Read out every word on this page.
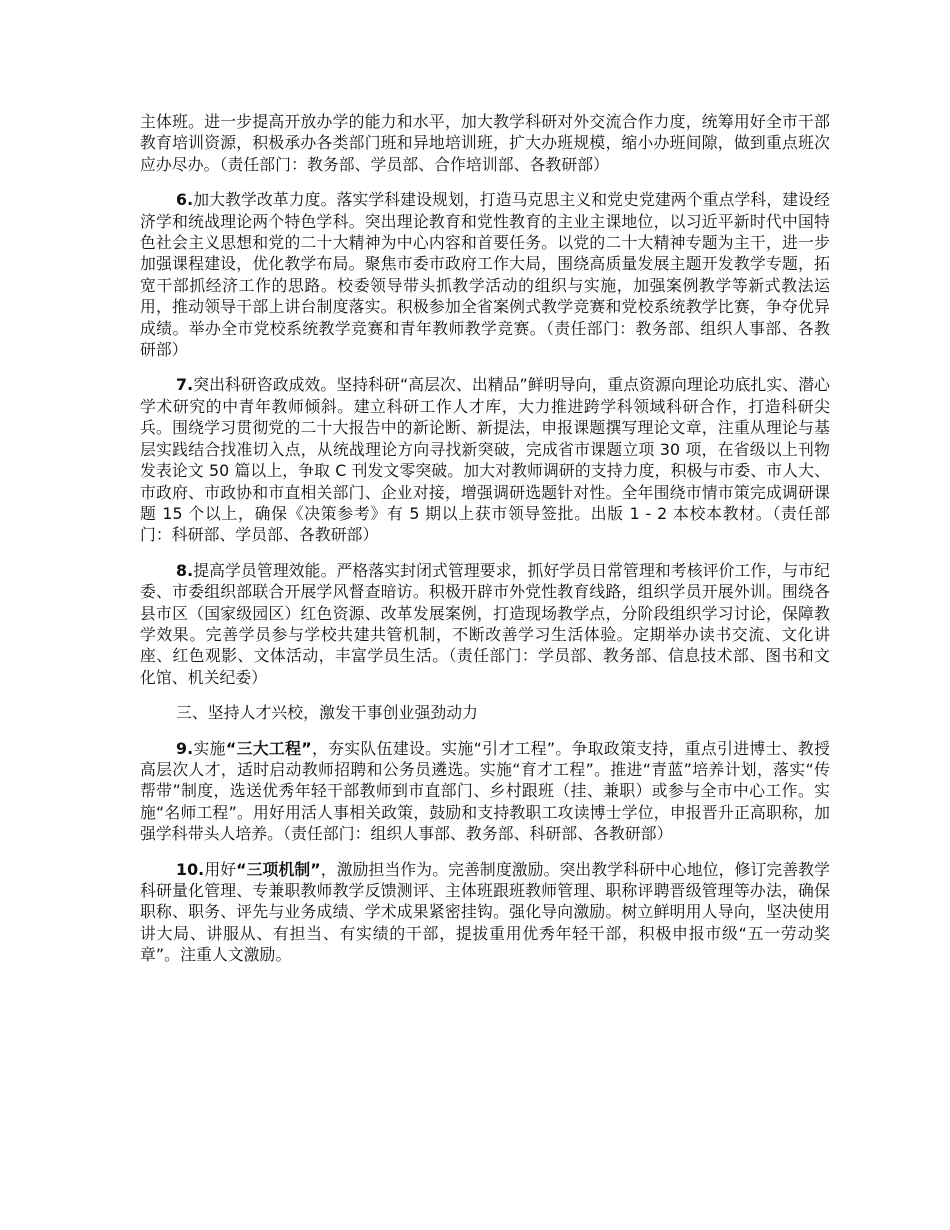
主体班。进一步提高开放办学的能力和水平，加大教学科研对外交流合作力度，统筹用好全市干部教育培训资源，积极承办各类部门班和异地培训班，扩大办班规模，缩小办班间隙，做到重点班次应办尽办。（责任部门：教务部、学员部、合作培训部、各教研部）

6.加大教学改革力度。落实学科建设规划，打造马克思主义和党史党建两个重点学科，建设经济学和统战理论两个特色学科。突出理论教育和党性教育的主业主课地位，以习近平新时代中国特色社会主义思想和党的二十大精神为中心内容和首要任务。以党的二十大精神专题为主干，进一步加强课程建设，优化教学布局。聚焦市委市政府工作大局，围绕高质量发展主题开发教学专题，拓宽干部抓经济工作的思路。校委领导带头抓教学活动的组织与实施，加强案例教学等新式教法运用，推动领导干部上讲台制度落实。积极参加全省案例式教学竞赛和党校系统教学比赛，争夺优异成绩。举办全市党校系统教学竞赛和青年教师教学竞赛。（责任部门：教务部、组织人事部、各教研部）

7.突出科研咨政成效。坚持科研“高层次、出精品”鲜明导向，重点资源向理论功底扎实、潜心学术研究的中青年教师倾斜。建立科研工作人才库，大力推进跨学科领域科研合作，打造科研尖兵。围绕学习贯彻党的二十大报告中的新论断、新提法，申报课题撰写理论文章，注重从理论与基层实践结合找准切入点，从统战理论方向寻找新突破，完成省市课题立项 30 项，在省级以上刊物发表论文 50 篇以上，争取 C 刊发文零突破。加大对教师调研的支持力度，积极与市委、市人大、市政府、市政协和市直相关部门、企业对接，增强调研选题针对性。全年围绕市情市策完成调研课题 15 个以上，确保《决策参考》有 5 期以上获市领导签批。出版 1 - 2 本校本教材。（责任部门：科研部、学员部、各教研部）

8.提高学员管理效能。严格落实封闭式管理要求，抓好学员日常管理和考核评价工作，与市纪委、市委组织部联合开展学风督查暗访。积极开辟市外党性教育线路，组织学员开展外训。围绕各县市区（国家级园区）红色资源、改革发展案例，打造现场教学点，分阶段组织学习讨论，保障教学效果。完善学员参与学校共建共管机制，不断改善学习生活体验。定期举办读书交流、文化讲座、红色观影、文体活动，丰富学员生活。（责任部门：学员部、教务部、信息技术部、图书和文化馆、机关纪委）

三、坚持人才兴校，激发干事创业强劲动力

9.实施“三大工程”，夯实队伍建设。实施“引才工程”。争取政策支持，重点引进博士、教授高层次人才，适时启动教师招聘和公务员遴选。实施“育才工程”。推进“青蓝”培养计划，落实“传帮带”制度，选送优秀年轻干部教师到市直部门、乡村跟班（挂、兼职）或参与全市中心工作。实施“名师工程”。用好用活人事相关政策，鼓励和支持教职工攻读博士学位，申报晋升正高职称，加强学科带头人培养。（责任部门：组织人事部、教务部、科研部、各教研部）

10.用好“三项机制”，激励担当作为。完善制度激励。突出教学科研中心地位，修订完善教学科研量化管理、专兼职教师教学反馈测评、主体班跟班教师管理、职称评聘晋级管理等办法，确保职称、职务、评先与业务成绩、学术成果紧密挂钩。强化导向激励。树立鲜明用人导向，坚决使用讲大局、讲服从、有担当、有实绩的干部，提拔重用优秀年轻干部，积极申报市级“五一劳动奖章”。注重人文激励。
